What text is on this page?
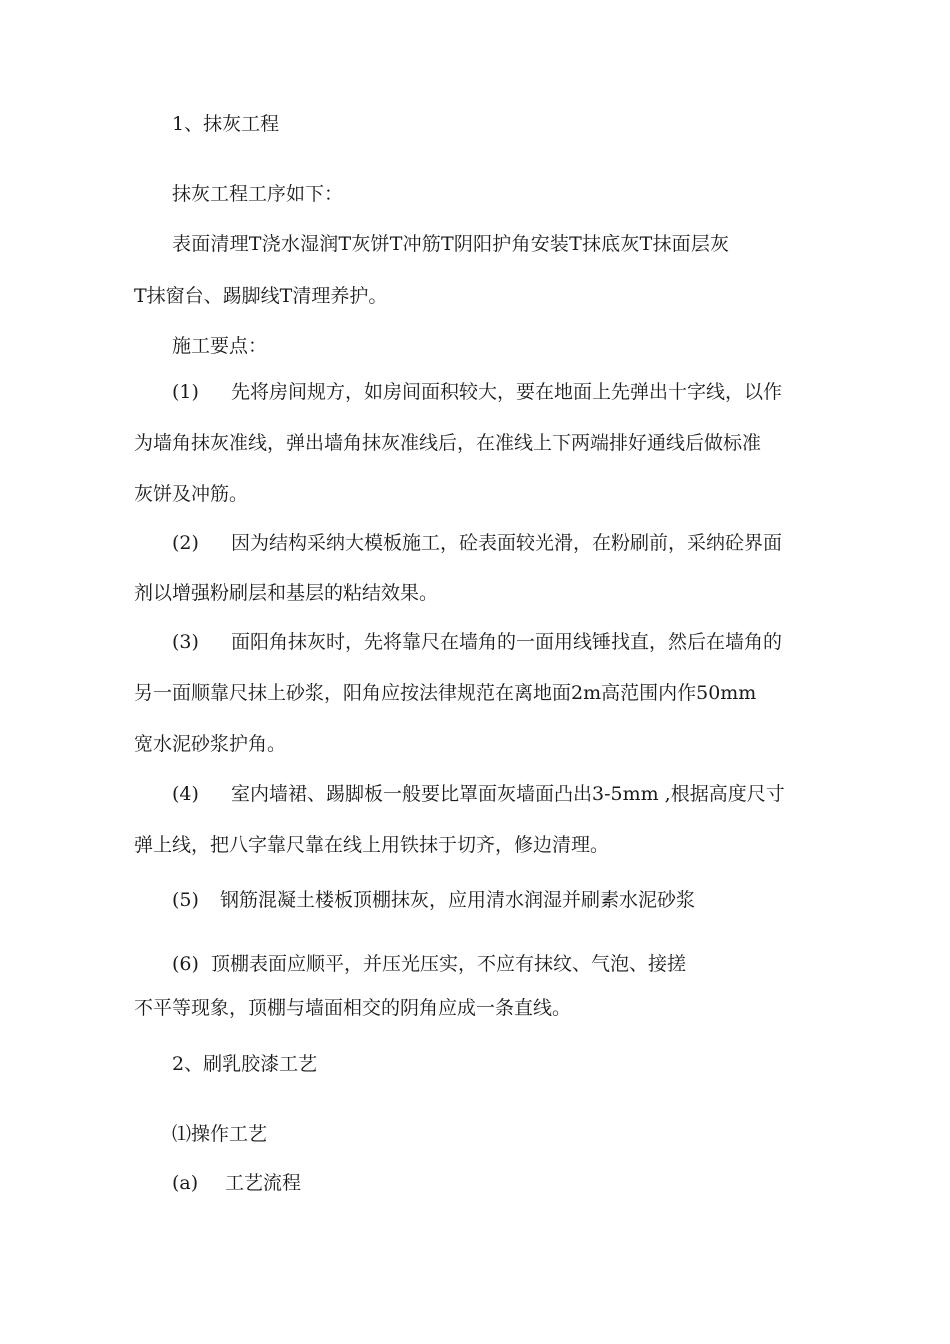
1、抹灰工程
抹灰工程工序如下：
表面清理T浇水湿润T灰饼T冲筋T阴阳护角安装T抹底灰T抹面层灰
T抹窗台、踢脚线T清理养护。
施工要点：
(1) 先将房间规方，如房间面积较大，要在地面上先弹出十字线，以作
为墙角抹灰准线，弹出墙角抹灰准线后，在准线上下两端排好通线后做标准
灰饼及冲筋。
(2) 因为结构采纳大模板施工，砼表面较光滑，在粉刷前，采纳砼界面
剂以增强粉刷层和基层的粘结效果。
(3) 面阳角抹灰时，先将靠尺在墙角的一面用线锤找直，然后在墙角的
另一面顺靠尺抹上砂浆，阳角应按法律规范在离地面2m高范围内作50mm
宽水泥砂浆护角。
(4) 室内墙裙、踢脚板一般要比罩面灰墙面凸出3-5mm ,根据高度尺寸
弹上线，把八字靠尺靠在线上用铁抹于切齐，修边清理。
(5) 钢筋混凝土楼板顶棚抹灰，应用清水润湿并刷素水泥砂浆
(6) 顶棚表面应顺平，并压光压实，不应有抹纹、气泡、接搓
不平等现象，顶棚与墙面相交的阴角应成一条直线。
2、刷乳胶漆工艺
⑴操作工艺
(a) 工艺流程
